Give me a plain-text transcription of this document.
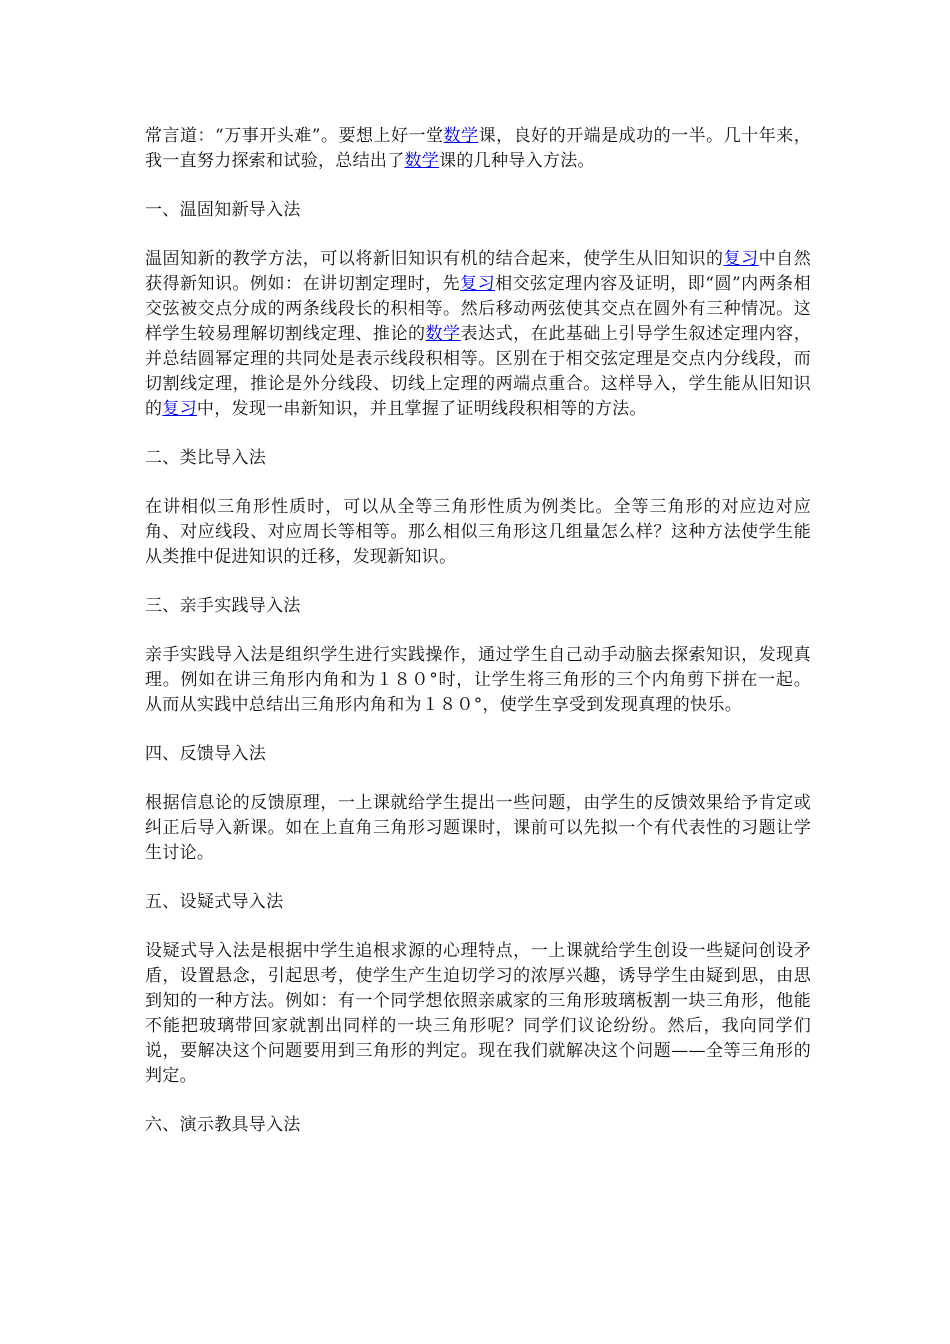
常言道：“万事开头难”。要想上好一堂数学课，良好的开端是成功的一半。几十年来，我一直努力探索和试验，总结出了数学课的几种导入方法。

一、温固知新导入法

温固知新的教学方法，可以将新旧知识有机的结合起来，使学生从旧知识的复习中自然获得新知识。例如：在讲切割定理时，先复习相交弦定理内容及证明，即“圆”内两条相交弦被交点分成的两条线段长的积相等。然后移动两弦使其交点在圆外有三种情况。这样学生较易理解切割线定理、推论的数学表达式，在此基础上引导学生叙述定理内容，并总结圆幂定理的共同处是表示线段积相等。区别在于相交弦定理是交点内分线段，而切割线定理，推论是外分线段、切线上定理的两端点重合。这样导入，学生能从旧知识的复习中，发现一串新知识，并且掌握了证明线段积相等的方法。

二、类比导入法

在讲相似三角形性质时，可以从全等三角形性质为例类比。全等三角形的对应边对应角、对应线段、对应周长等相等。那么相似三角形这几组量怎么样？这种方法使学生能从类推中促进知识的迁移，发现新知识。

三、亲手实践导入法

亲手实践导入法是组织学生进行实践操作，通过学生自己动手动脑去探索知识，发现真理。例如在讲三角形内角和为１８０°时，让学生将三角形的三个内角剪下拼在一起。从而从实践中总结出三角形内角和为１８０°，使学生享受到发现真理的快乐。

四、反馈导入法

根据信息论的反馈原理，一上课就给学生提出一些问题，由学生的反馈效果给予肯定或纠正后导入新课。如在上直角三角形习题课时，课前可以先拟一个有代表性的习题让学生讨论。

五、设疑式导入法

设疑式导入法是根据中学生追根求源的心理特点，一上课就给学生创设一些疑问创设矛盾，设置悬念，引起思考，使学生产生迫切学习的浓厚兴趣，诱导学生由疑到思，由思到知的一种方法。例如：有一个同学想依照亲戚家的三角形玻璃板割一块三角形，他能不能把玻璃带回家就割出同样的一块三角形呢？同学们议论纷纷。然后，我向同学们说，要解决这个问题要用到三角形的判定。现在我们就解决这个问题——全等三角形的判定。

六、演示教具导入法
